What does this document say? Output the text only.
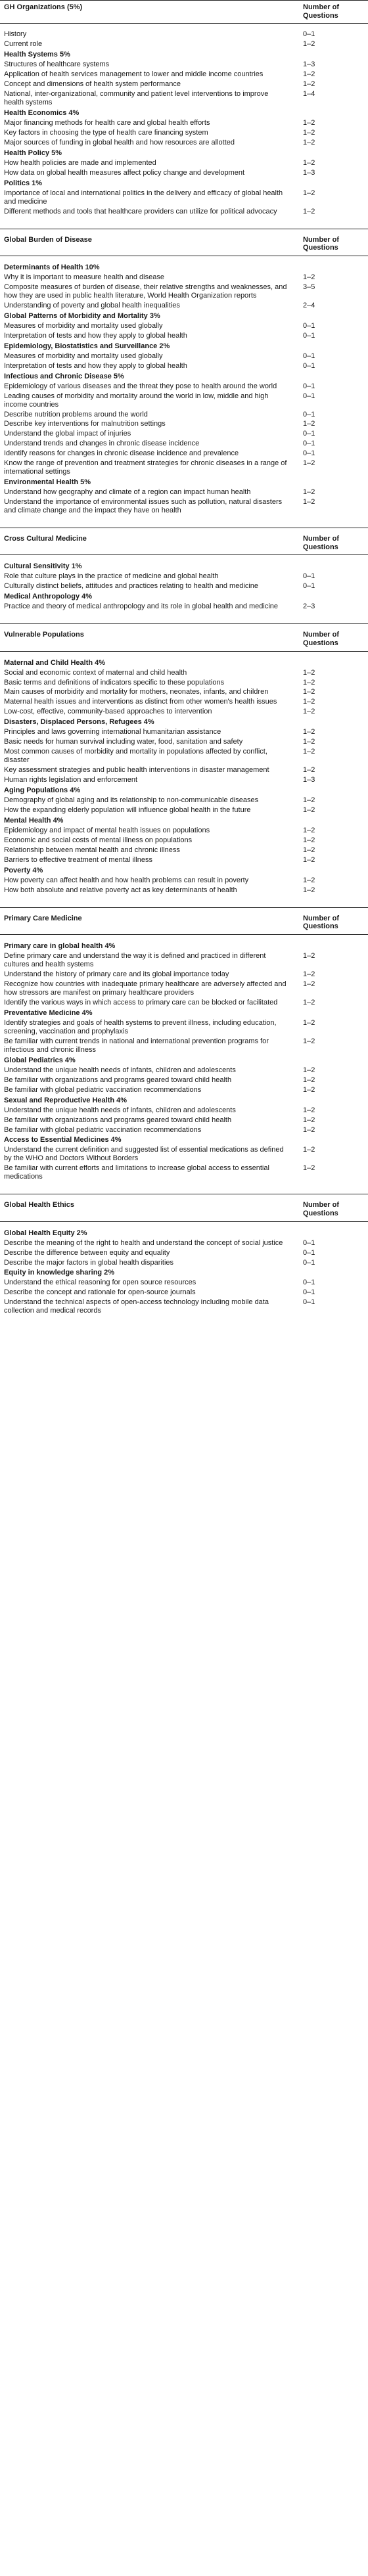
GH Organizations (5%)	Number of Questions

History	0–1
Current role	1–2
Health Systems 5%	
Structures of healthcare systems	1–3
Application of health services management to lower and middle income countries	1–2
Concept and dimensions of health system performance	1–2
National, inter-organizational, community and patient level interventions to improve health systems	1–4
Health Economics 4%	
Major financing methods for health care and global health efforts	1–2
Key factors in choosing the type of health care financing system	1–2
Major sources of funding in global health and how resources are allotted	1–2
Health Policy 5%	
How health policies are made and implemented	1–2
How data on global health measures affect policy change and development	1–3
Politics 1%	
Importance of local and international politics in the delivery and efficacy of global health and medicine	1–2
Different methods and tools that healthcare providers can utilize for political advocacy	1–2

Global Burden of Disease	Number of Questions

Determinants of Health 10%	
Why it is important to measure health and disease	1–2
Composite measures of burden of disease, their relative strengths and weaknesses, and how they are used in public health literature, World Health Organization reports	3–5
Understanding of poverty and global health inequalities	2–4
Global Patterns of Morbidity and Mortality 3%	
Measures of morbidity and mortality used globally	0–1
Interpretation of tests and how they apply to global health	0–1
Epidemiology, Biostatistics and Surveillance 2%	
Measures of morbidity and mortality used globally	0–1
Interpretation of tests and how they apply to global health	0–1
Infectious and Chronic Disease 5%	
Epidemiology of various diseases and the threat they pose to health around the world	0–1
Leading causes of morbidity and mortality around the world in low, middle and high income countries	0–1
Describe nutrition problems around the world	0–1
Describe key interventions for malnutrition settings	1–2
Understand the global impact of injuries	0–1
Understand trends and changes in chronic disease incidence	0–1
Identify reasons for changes in chronic disease incidence and prevalence	0–1
Know the range of prevention and treatment strategies for chronic diseases in a range of international settings	1–2
Environmental Health 5%	
Understand how geography and climate of a region can impact human health	1–2
Understand the importance of environmental issues such as pollution, natural disasters and climate change and the impact they have on health	1–2

Cross Cultural Medicine	Number of Questions

Cultural Sensitivity 1%	
Role that culture plays in the practice of medicine and global health	0–1
Culturally distinct beliefs, attitudes and practices relating to health and medicine	0–1
Medical Anthropology 4%	
Practice and theory of medical anthropology and its role in global health and medicine	2–3

Vulnerable Populations	Number of Questions

Maternal and Child Health 4%	
Social and economic context of maternal and child health	1–2
Basic terms and definitions of indicators specific to these populations	1–2
Main causes of morbidity and mortality for mothers, neonates, infants, and children	1–2
Maternal health issues and interventions as distinct from other women's health issues	1–2
Low-cost, effective, community-based approaches to intervention	1–2
Disasters, Displaced Persons, Refugees 4%	
Principles and laws governing international humanitarian assistance	1–2
Basic needs for human survival including water, food, sanitation and safety	1–2
Most common causes of morbidity and mortality in populations affected by conflict, disaster	1–2
Key assessment strategies and public health interventions in disaster management	1–2
Human rights legislation and enforcement	1–3
Aging Populations 4%	
Demography of global aging and its relationship to non-communicable diseases	1–2
How the expanding elderly population will influence global health in the future	1–2
Mental Health 4%	
Epidemiology and impact of mental health issues on populations	1–2
Economic and social costs of mental illness on populations	1–2
Relationship between mental health and chronic illness	1–2
Barriers to effective treatment of mental illness	1–2
Poverty 4%	
How poverty can affect health and how health problems can result in poverty	1–2
How both absolute and relative poverty act as key determinants of health	1–2

Primary Care Medicine	Number of Questions

Primary care in global health 4%	
Define primary care and understand the way it is defined and practiced in different cultures and health systems	1–2
Understand the history of primary care and its global importance today	1–2
Recognize how countries with inadequate primary healthcare are adversely affected and how stressors are manifest on primary healthcare providers	1–2
Identify the various ways in which access to primary care can be blocked or facilitated	1–2
Preventative Medicine 4%	
Identify strategies and goals of health systems to prevent illness, including education, screening, vaccination and prophylaxis	1–2
Be familiar with current trends in national and international prevention programs for infectious and chronic illness	1–2
Global Pediatrics 4%	
Understand the unique health needs of infants, children and adolescents	1–2
Be familiar with organizations and programs geared toward child health	1–2
Be familiar with global pediatric vaccination recommendations	1–2
Sexual and Reproductive Health 4%	
Understand the unique health needs of infants, children and adolescents	1–2
Be familiar with organizations and programs geared toward child health	1–2
Be familiar with global pediatric vaccination recommendations	1–2
Access to Essential Medicines 4%	
Understand the current definition and suggested list of essential medications as defined by the WHO and Doctors Without Borders	1–2
Be familiar with current efforts and limitations to increase global access to essential medications	1–2

Global Health Ethics	Number of Questions

Global Health Equity 2%	
Describe the meaning of the right to health and understand the concept of social justice	0–1
Describe the difference between equity and equality	0–1
Describe the major factors in global health disparities	0–1
Equity in knowledge sharing 2%	
Understand the ethical reasoning for open source resources	0–1
Describe the concept and rationale for open-source journals	0–1
Understand the technical aspects of open-access technology including mobile data collection and medical records	0–1
